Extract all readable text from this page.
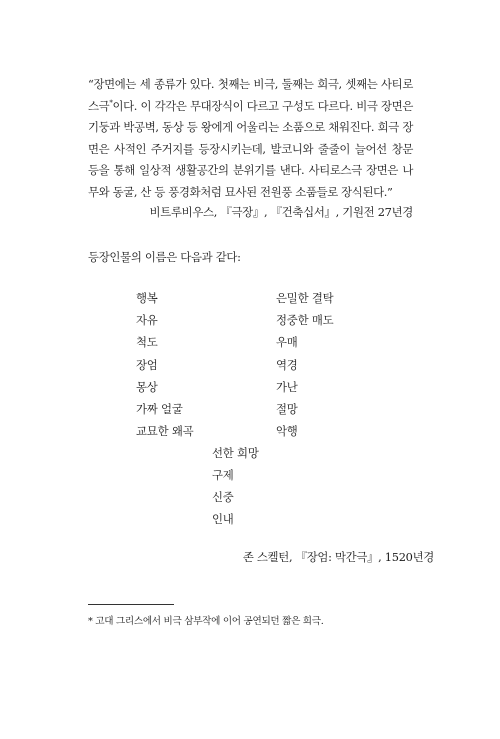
“장면에는 세 종류가 있다. 첫째는 비극, 둘째는 희극, 셋째는 사티로스극*이다. 이 각각은 무대장식이 다르고 구성도 다르다. 비극 장면은 기둥과 박공벽, 동상 등 왕에게 어울리는 소품으로 채워진다. 희극 장면은 사적인 주거지를 등장시키는데, 발코니와 줄줄이 늘어선 창문 등을 통해 일상적 생활공간의 분위기를 낸다. 사티로스극 장면은 나무와 동굴, 산 등 풍경화처럼 묘사된 전원풍 소품들로 장식된다.”

비트루비우스, 『극장』, 『건축십서』, 기원전 27년경
등장인물의 이름은 다음과 같다:
행복
자유
척도
장엄
몽상
가짜 얼굴
교묘한 왜곡
은밀한 결탁
정중한 매도
우매
역경
가난
절망
악행
선한 희망
구제
신중
인내
존 스켈턴, 『장엄: 막간극』, 1520년경
* 고대 그리스에서 비극 삼부작에 이어 공연되던 짧은 희극.
